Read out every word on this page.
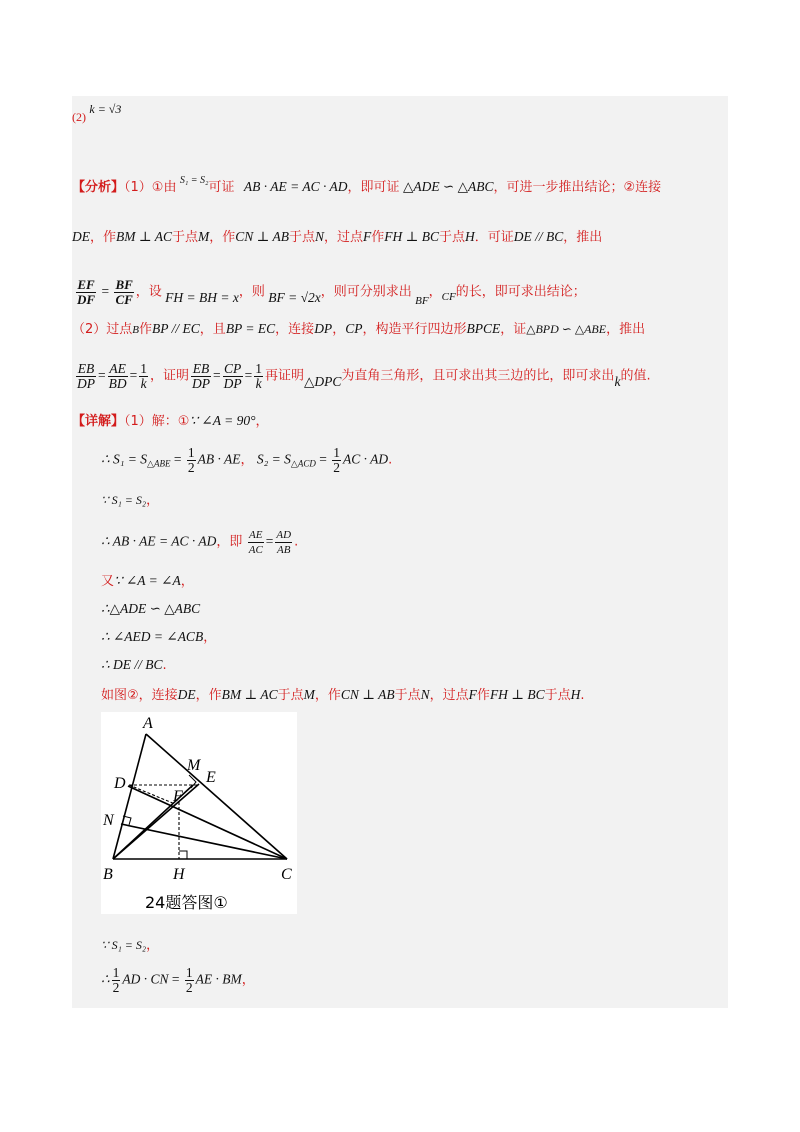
(2) k = √3
【分析】（1）①由 $^{S_1 = S_2}$可证 AB · AE = AC · AD，即可证 △ADE ∽ △ABC，可进一步推出结论；②连接
DE，作BM ⊥ AC于点M，作CN ⊥ AB于点N，过点F作FH ⊥ BC于点H．可证DE // BC，推出
$\frac{EF}{DF} = \frac{BF}{CF}$ ，设 FH = BH = x，则 BF = √2x，则可分别求出 $_{BF}$，$_{CF}$的长，即可求出结论；
（2）过点B作BP // EC，且BP = EC，连接DP，CP，构造平行四边形BPCE，证△BPD ∽ △ABE，推出
$\frac{EB}{DP} = \frac{AE}{BD} = \frac{1}{k}$ ，证明 $\frac{EB}{DP} = \frac{CP}{DP} = \frac{1}{k}$ 再证明△DPC为直角三角形，且可求出其三边的比，即可求出k的值.
【详解】（1）解：①∵ ∠A = 90°，
∴ $S_1 = S_{\triangle ABE} = \frac{1}{2}$ AB · AE， $S_2 = S_{\triangle ACD} = \frac{1}{2}$ AC · AD.
∵ S₁ = S₂，
∴ AB · AE = AC · AD，即 $\frac{AE}{AC} = \frac{AD}{AB}$ .
又∵ ∠A = ∠A，
∴△ADE ∽ △ABC
∴ ∠AED = ∠ACB，
∴ DE // BC.
如图②，连接DE，作BM ⊥ AC于点M，作CN ⊥ AB于点N，过点F作FH ⊥ BC于点H.
A
D
M
E
F
N
B	H	C
24题答图①
∵ S₁ = S₂，
∴ $\frac{1}{2}$ AD · CN = $\frac{1}{2}$ AE · BM，
